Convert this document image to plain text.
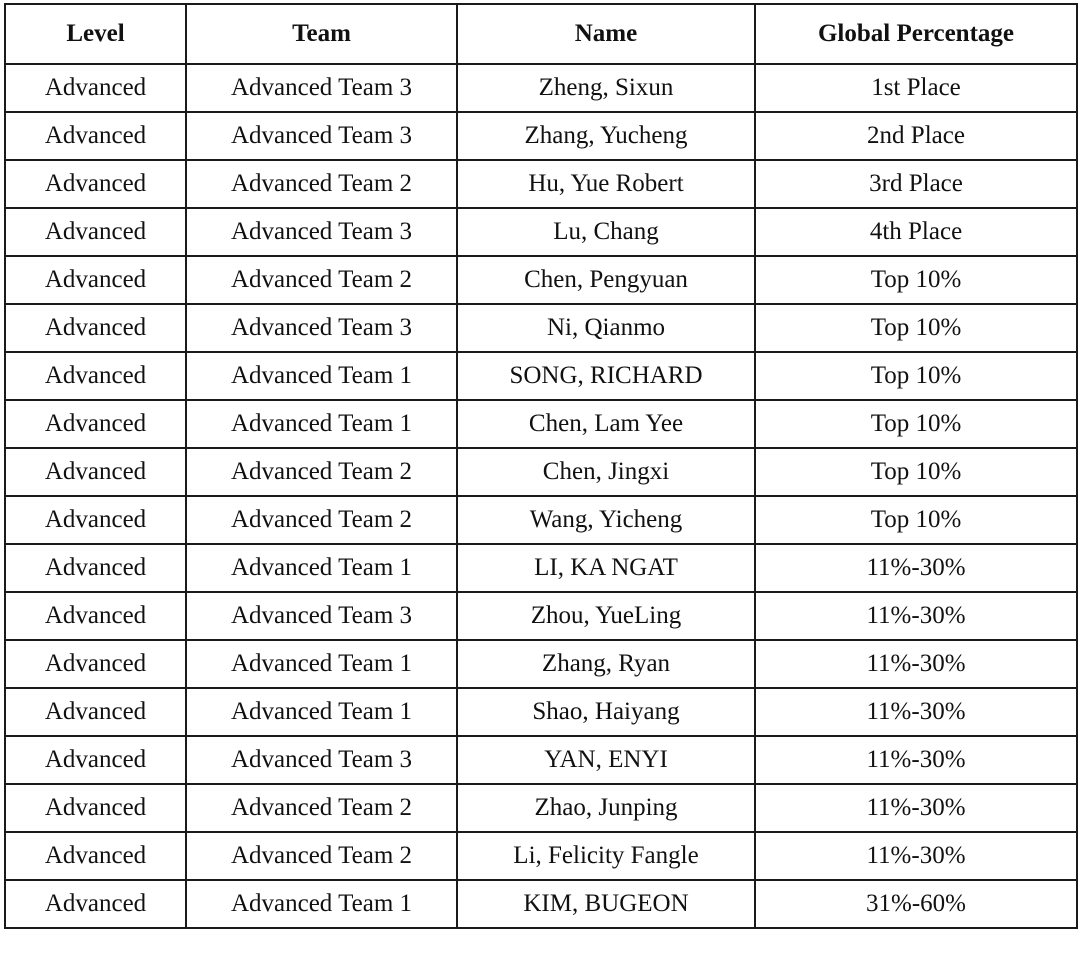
Level	Team	Name	Global Percentage
Advanced	Advanced Team 3	Zheng, Sixun	1st Place
Advanced	Advanced Team 3	Zhang, Yucheng	2nd Place
Advanced	Advanced Team 2	Hu, Yue Robert	3rd Place
Advanced	Advanced Team 3	Lu, Chang	4th Place
Advanced	Advanced Team 2	Chen, Pengyuan	Top 10%
Advanced	Advanced Team 3	Ni, Qianmo	Top 10%
Advanced	Advanced Team 1	SONG, RICHARD	Top 10%
Advanced	Advanced Team 1	Chen, Lam Yee	Top 10%
Advanced	Advanced Team 2	Chen, Jingxi	Top 10%
Advanced	Advanced Team 2	Wang, Yicheng	Top 10%
Advanced	Advanced Team 1	LI, KA NGAT	11%-30%
Advanced	Advanced Team 3	Zhou, YueLing	11%-30%
Advanced	Advanced Team 1	Zhang, Ryan	11%-30%
Advanced	Advanced Team 1	Shao, Haiyang	11%-30%
Advanced	Advanced Team 3	YAN, ENYI	11%-30%
Advanced	Advanced Team 2	Zhao, Junping	11%-30%
Advanced	Advanced Team 2	Li, Felicity Fangle	11%-30%
Advanced	Advanced Team 1	KIM, BUGEON	31%-60%
